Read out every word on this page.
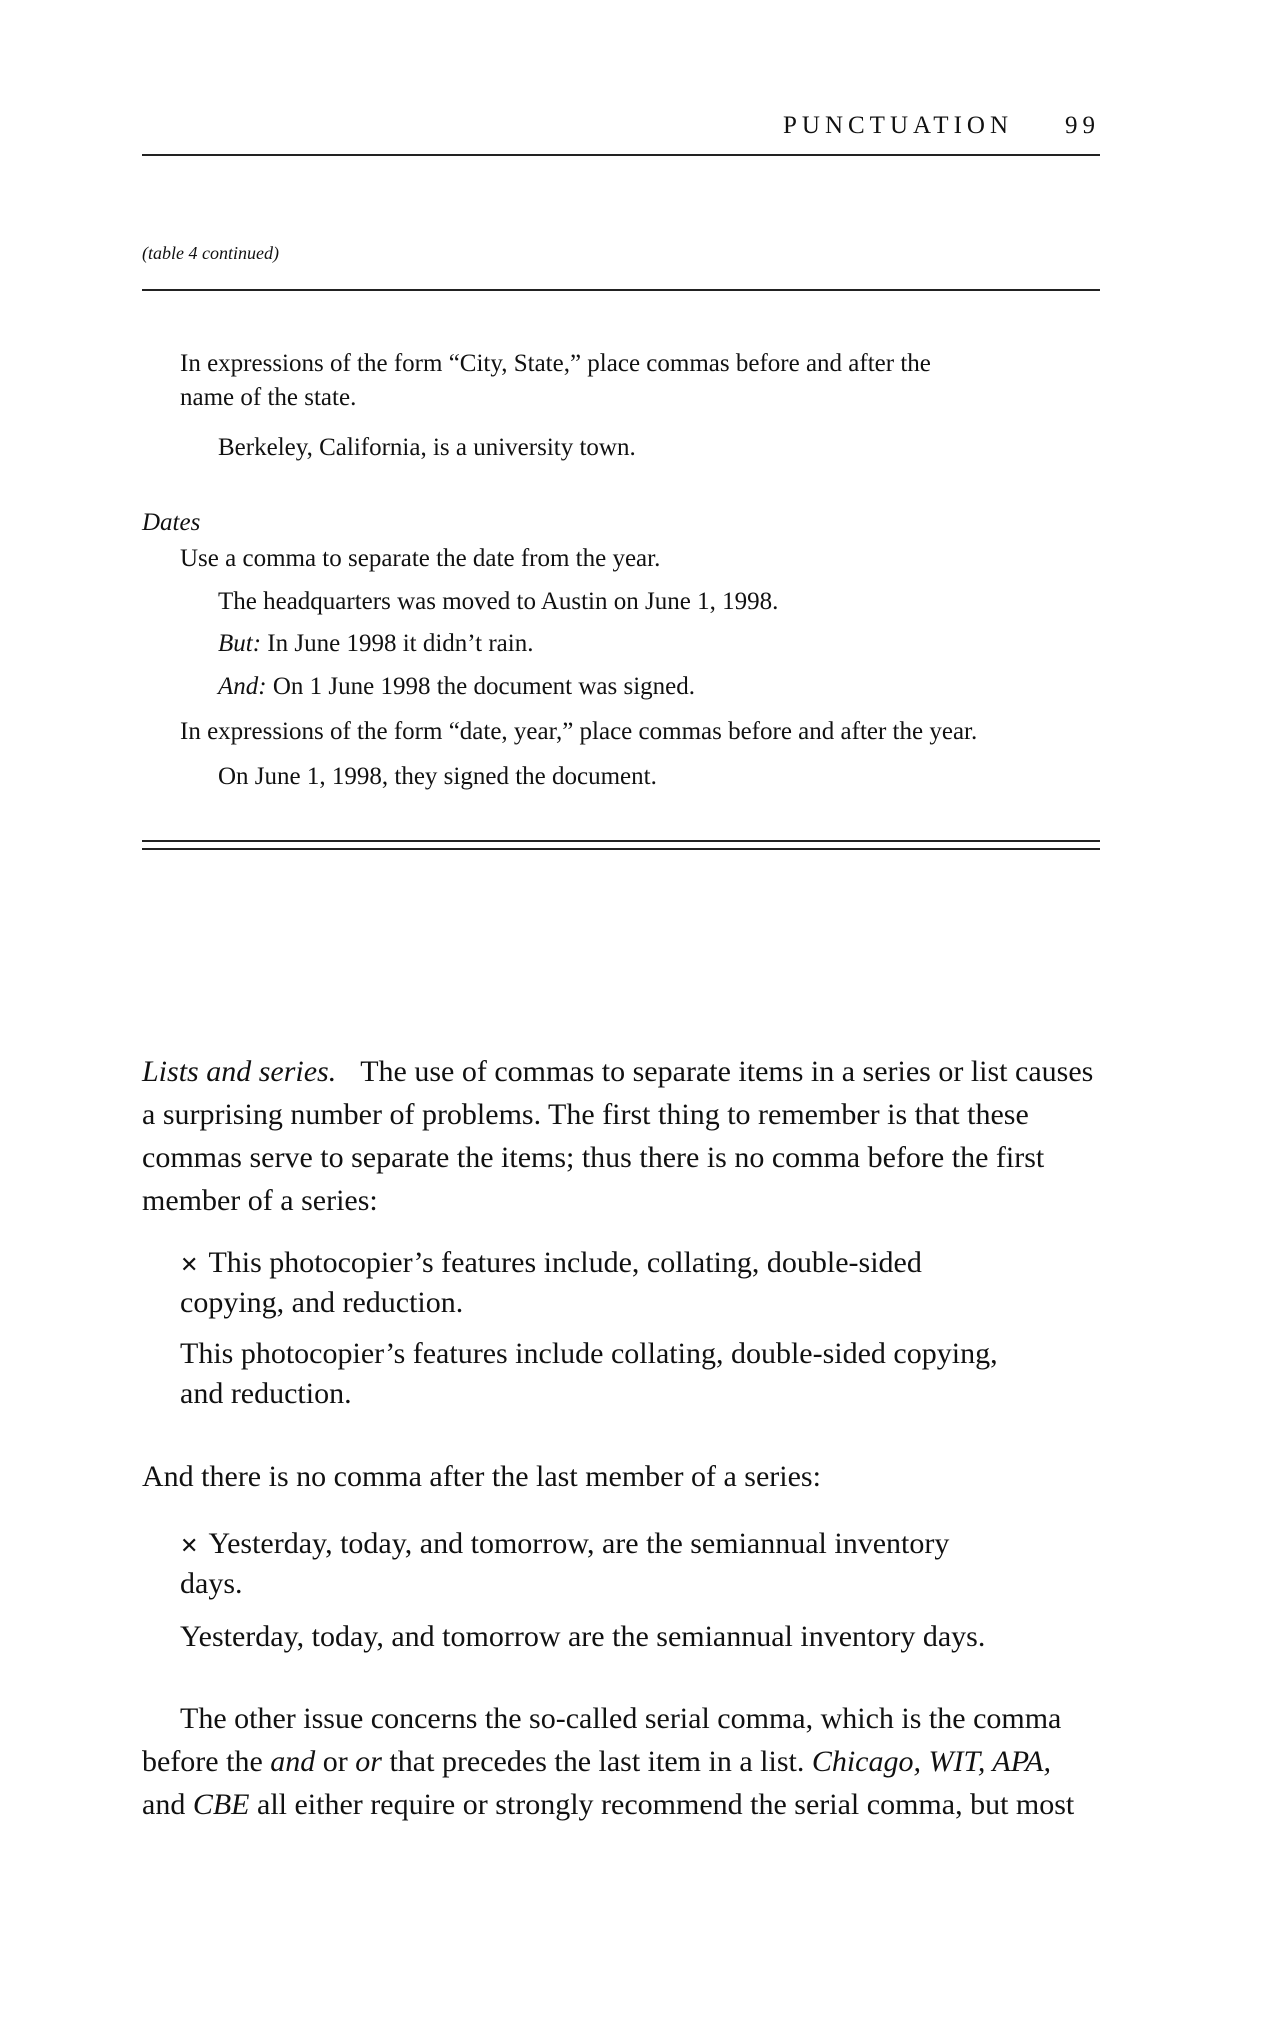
PUNCTUATION 99
(table 4 continued)
In expressions of the form “City, State,” place commas before and after the
name of the state.
Berkeley, California, is a university town.
Dates
Use a comma to separate the date from the year.
The headquarters was moved to Austin on June 1, 1998.
But: In June 1998 it didn’t rain.
And: On 1 June 1998 the document was signed.
In expressions of the form “date, year,” place commas before and after the year.
On June 1, 1998, they signed the document.
Lists and series. The use of commas to separate items in a series or list causes
a surprising number of problems. The first thing to remember is that these
commas serve to separate the items; thus there is no comma before the first
member of a series:
✕ This photocopier’s features include, collating, double-sided
copying, and reduction.
This photocopier’s features include collating, double-sided copying,
and reduction.
And there is no comma after the last member of a series:
✕ Yesterday, today, and tomorrow, are the semiannual inventory
days.
Yesterday, today, and tomorrow are the semiannual inventory days.
The other issue concerns the so-called serial comma, which is the comma
before the and or or that precedes the last item in a list. Chicago, WIT, APA,
and CBE all either require or strongly recommend the serial comma, but most
